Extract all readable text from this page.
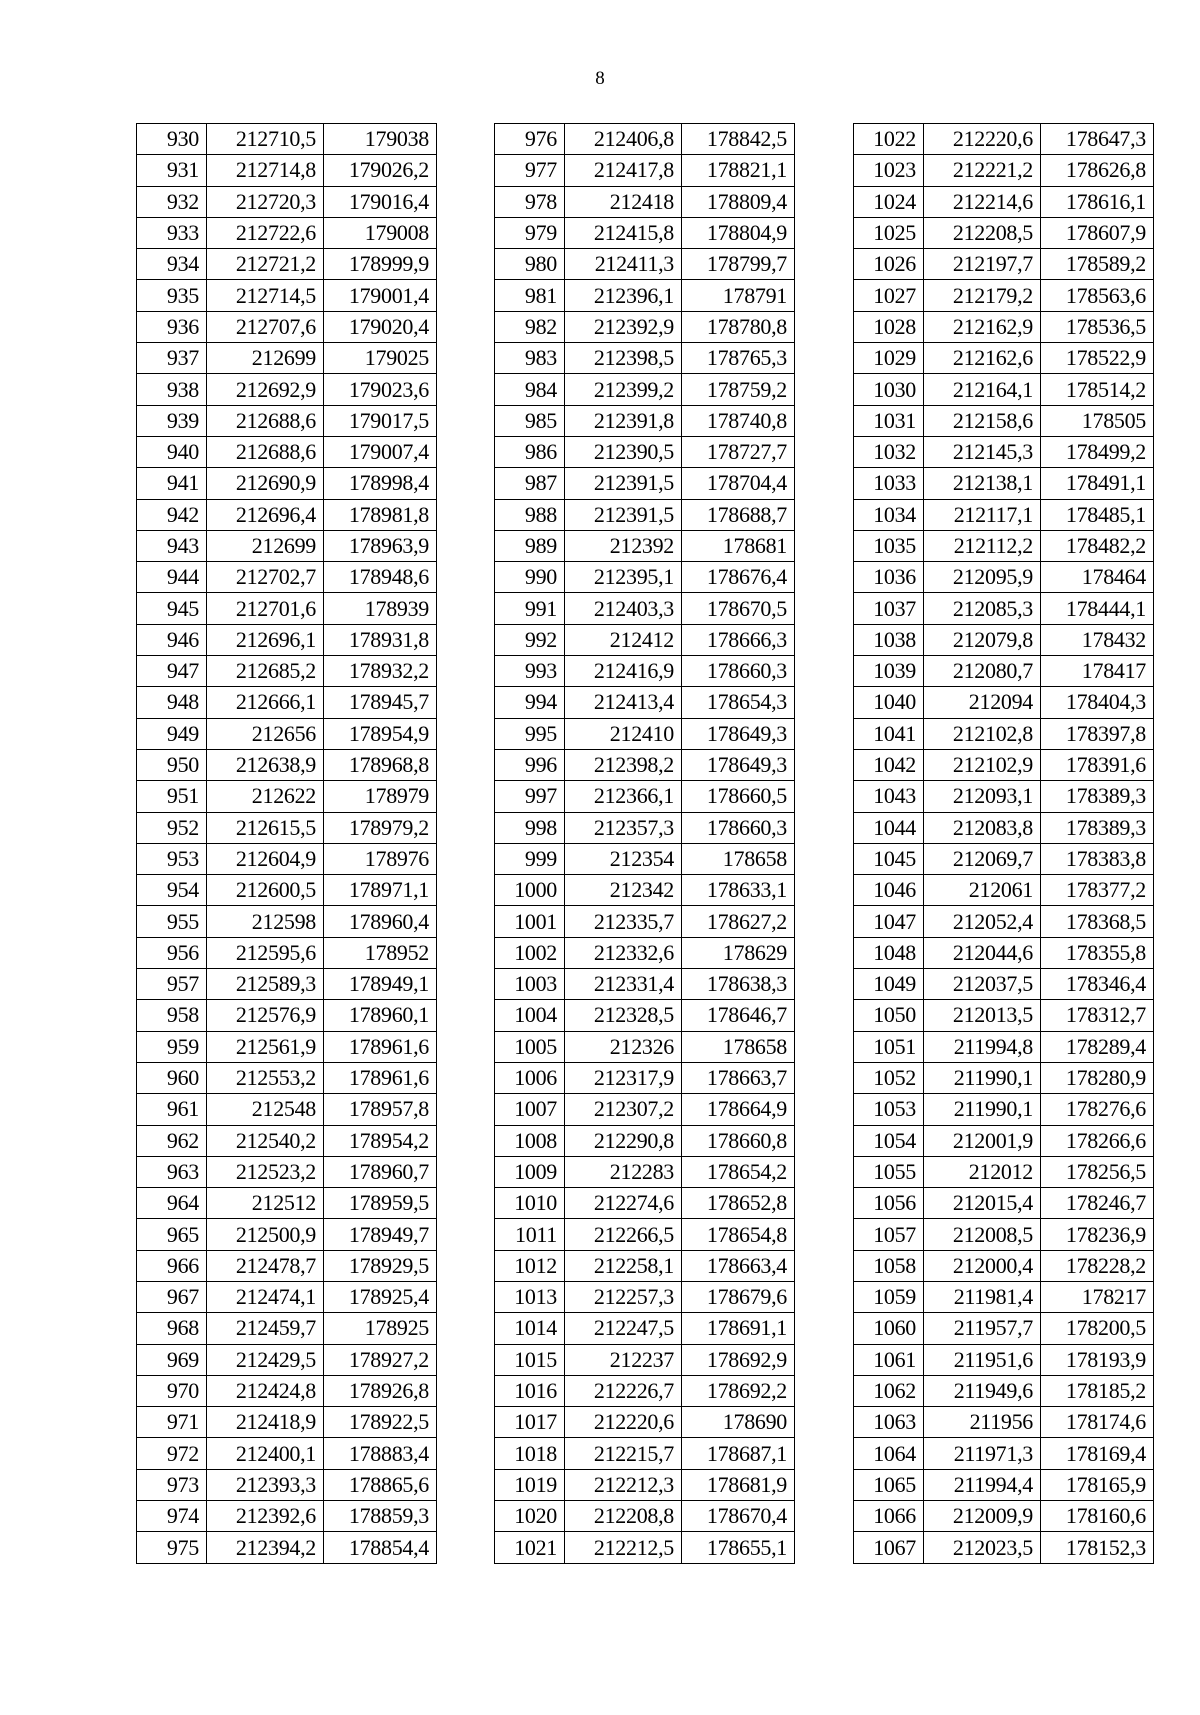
8
930	212710,5	179038
931	212714,8	179026,2
932	212720,3	179016,4
933	212722,6	179008
934	212721,2	178999,9
935	212714,5	179001,4
936	212707,6	179020,4
937	212699	179025
938	212692,9	179023,6
939	212688,6	179017,5
940	212688,6	179007,4
941	212690,9	178998,4
942	212696,4	178981,8
943	212699	178963,9
944	212702,7	178948,6
945	212701,6	178939
946	212696,1	178931,8
947	212685,2	178932,2
948	212666,1	178945,7
949	212656	178954,9
950	212638,9	178968,8
951	212622	178979
952	212615,5	178979,2
953	212604,9	178976
954	212600,5	178971,1
955	212598	178960,4
956	212595,6	178952
957	212589,3	178949,1
958	212576,9	178960,1
959	212561,9	178961,6
960	212553,2	178961,6
961	212548	178957,8
962	212540,2	178954,2
963	212523,2	178960,7
964	212512	178959,5
965	212500,9	178949,7
966	212478,7	178929,5
967	212474,1	178925,4
968	212459,7	178925
969	212429,5	178927,2
970	212424,8	178926,8
971	212418,9	178922,5
972	212400,1	178883,4
973	212393,3	178865,6
974	212392,6	178859,3
975	212394,2	178854,4
976	212406,8	178842,5
977	212417,8	178821,1
978	212418	178809,4
979	212415,8	178804,9
980	212411,3	178799,7
981	212396,1	178791
982	212392,9	178780,8
983	212398,5	178765,3
984	212399,2	178759,2
985	212391,8	178740,8
986	212390,5	178727,7
987	212391,5	178704,4
988	212391,5	178688,7
989	212392	178681
990	212395,1	178676,4
991	212403,3	178670,5
992	212412	178666,3
993	212416,9	178660,3
994	212413,4	178654,3
995	212410	178649,3
996	212398,2	178649,3
997	212366,1	178660,5
998	212357,3	178660,3
999	212354	178658
1000	212342	178633,1
1001	212335,7	178627,2
1002	212332,6	178629
1003	212331,4	178638,3
1004	212328,5	178646,7
1005	212326	178658
1006	212317,9	178663,7
1007	212307,2	178664,9
1008	212290,8	178660,8
1009	212283	178654,2
1010	212274,6	178652,8
1011	212266,5	178654,8
1012	212258,1	178663,4
1013	212257,3	178679,6
1014	212247,5	178691,1
1015	212237	178692,9
1016	212226,7	178692,2
1017	212220,6	178690
1018	212215,7	178687,1
1019	212212,3	178681,9
1020	212208,8	178670,4
1021	212212,5	178655,1
1022	212220,6	178647,3
1023	212221,2	178626,8
1024	212214,6	178616,1
1025	212208,5	178607,9
1026	212197,7	178589,2
1027	212179,2	178563,6
1028	212162,9	178536,5
1029	212162,6	178522,9
1030	212164,1	178514,2
1031	212158,6	178505
1032	212145,3	178499,2
1033	212138,1	178491,1
1034	212117,1	178485,1
1035	212112,2	178482,2
1036	212095,9	178464
1037	212085,3	178444,1
1038	212079,8	178432
1039	212080,7	178417
1040	212094	178404,3
1041	212102,8	178397,8
1042	212102,9	178391,6
1043	212093,1	178389,3
1044	212083,8	178389,3
1045	212069,7	178383,8
1046	212061	178377,2
1047	212052,4	178368,5
1048	212044,6	178355,8
1049	212037,5	178346,4
1050	212013,5	178312,7
1051	211994,8	178289,4
1052	211990,1	178280,9
1053	211990,1	178276,6
1054	212001,9	178266,6
1055	212012	178256,5
1056	212015,4	178246,7
1057	212008,5	178236,9
1058	212000,4	178228,2
1059	211981,4	178217
1060	211957,7	178200,5
1061	211951,6	178193,9
1062	211949,6	178185,2
1063	211956	178174,6
1064	211971,3	178169,4
1065	211994,4	178165,9
1066	212009,9	178160,6
1067	212023,5	178152,3
